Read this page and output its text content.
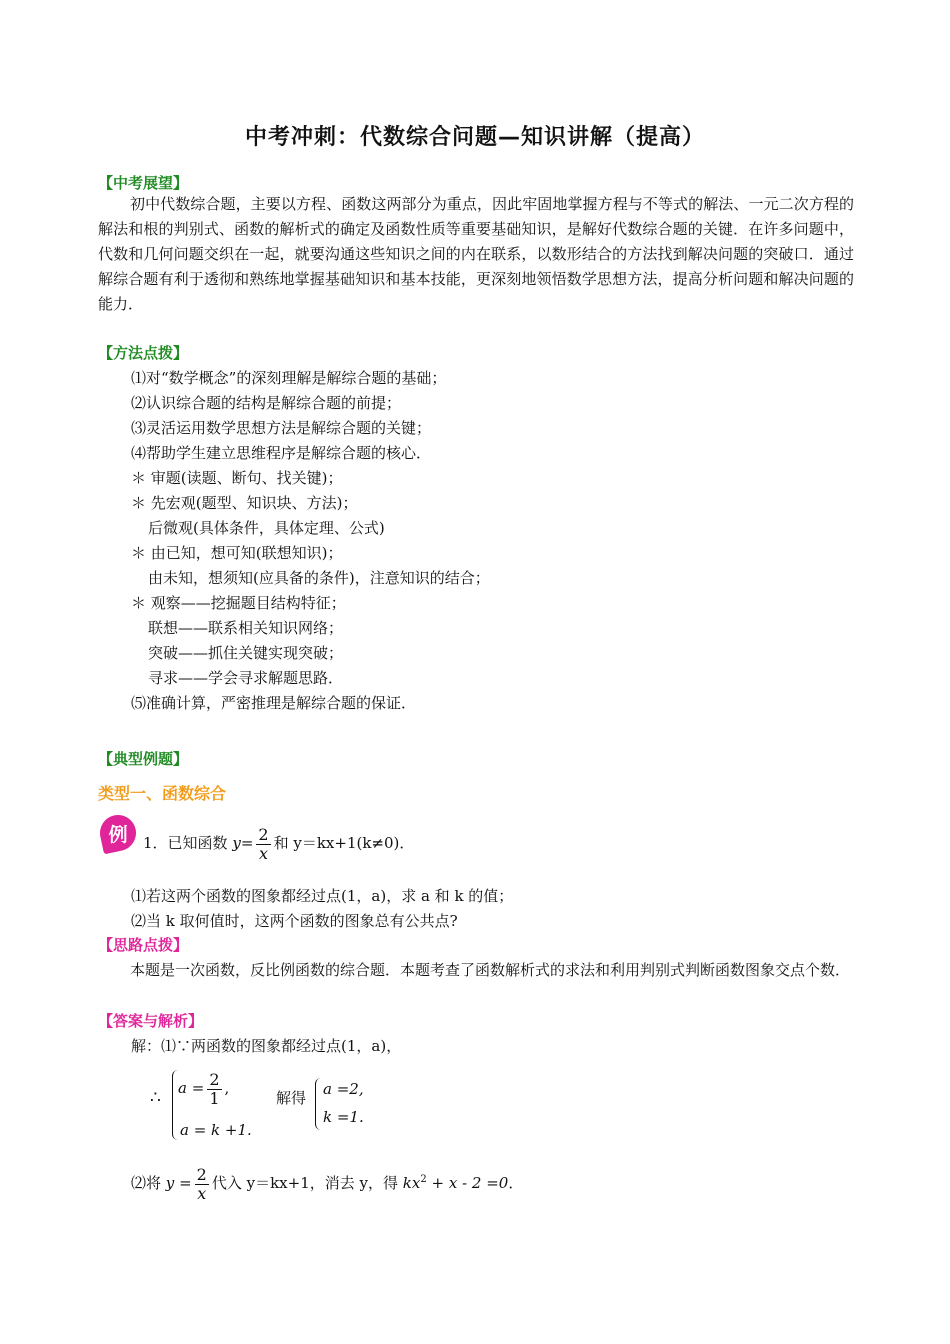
中考冲刺：代数综合问题—知识讲解（提高）
【中考展望】

初中代数综合题，主要以方程、函数这两部分为重点，因此牢固地掌握方程与不等式的解法、一元二次方程的解法和根的判别式、函数的解析式的确定及函数性质等重要基础知识，是解好代数综合题的关键．在许多问题中，代数和几何问题交织在一起，就要沟通这些知识之间的内在联系，以数形结合的方法找到解决问题的突破口．通过解综合题有利于透彻和熟练地掌握基础知识和基本技能，更深刻地领悟数学思想方法，提高分析问题和解决问题的能力．

【方法点拨】
⑴对“数学概念”的深刻理解是解综合题的基础；
⑵认识综合题的结构是解综合题的前提；
⑶灵活运用数学思想方法是解综合题的关键；
⑷帮助学生建立思维程序是解综合题的核心．
＊ 审题(读题、断句、找关键)；
＊ 先宏观(题型、知识块、方法)；
后微观(具体条件，具体定理、公式)
＊ 由已知，想可知(联想知识)；
由未知，想须知(应具备的条件)，注意知识的结合；
＊ 观察——挖掘题目结构特征；
联想——联系相关知识网络；
突破——抓住关键实现突破；
寻求——学会寻求解题思路．
⑸准确计算，严密推理是解综合题的保证．
【典型例题】
类型一、函数综合
例	1．已知函数 $y= \frac{2}{x}$ 和 y＝kx+1(k≠0)．
⑴若这两个函数的图象都经过点(1，a)，求 a 和 k 的值；
⑵当 k 取何值时，这两个函数的图象总有公共点?
【思路点拨】

本题是一次函数，反比例函数的综合题．本题考查了函数解析式的求法和利用判别式判断函数图象交点个数．

【答案与解析】
解：⑴∵两函数的图象都经过点(1，a)，
∴ $a = \frac{2}{1}$ ,
a = k +1.
解得 a =2,
k =1.
⑵将 $y = \frac{2}{x}$ 代入 y＝kx+1，消去 y，得 $kx^2 + x - 2 =0$．
